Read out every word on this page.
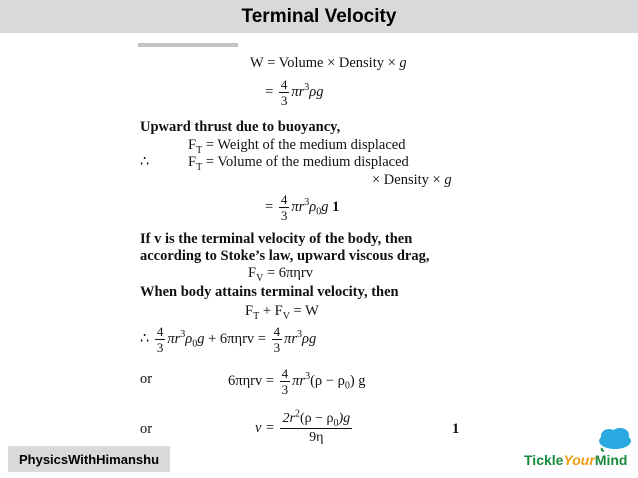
Terminal Velocity
W = Volume × Density × g
= $\frac{4}{3} \pi r^3\rho g$
Upward thrust due to buoyancy,
$F_T$ = Weight of the medium displaced
∴	$F_T$ = Volume of the medium displaced
× Density × g
= $\frac{4}{3} \pi r^3\rho_0g$ 1
If v is the terminal velocity of the body, then
according to Stoke’s law, upward viscous drag,
$F_V = 6\pi\eta rv$
When body attains terminal velocity, then
$F_T + F_V = W$
∴ $\frac{4}{3} \pi r^3\rho_0g + 6\pi\eta rv = \frac{4}{3} \pi r^3\rho g$
or	$6\pi\eta rv = \frac{4}{3} \pi r^3(\rho - \rho_0)$ g
or	$v = \frac{2r^2(\rho - \rho_0)g}{9\eta}$	1
PhysicsWithHimanshu	TickleYourMind
